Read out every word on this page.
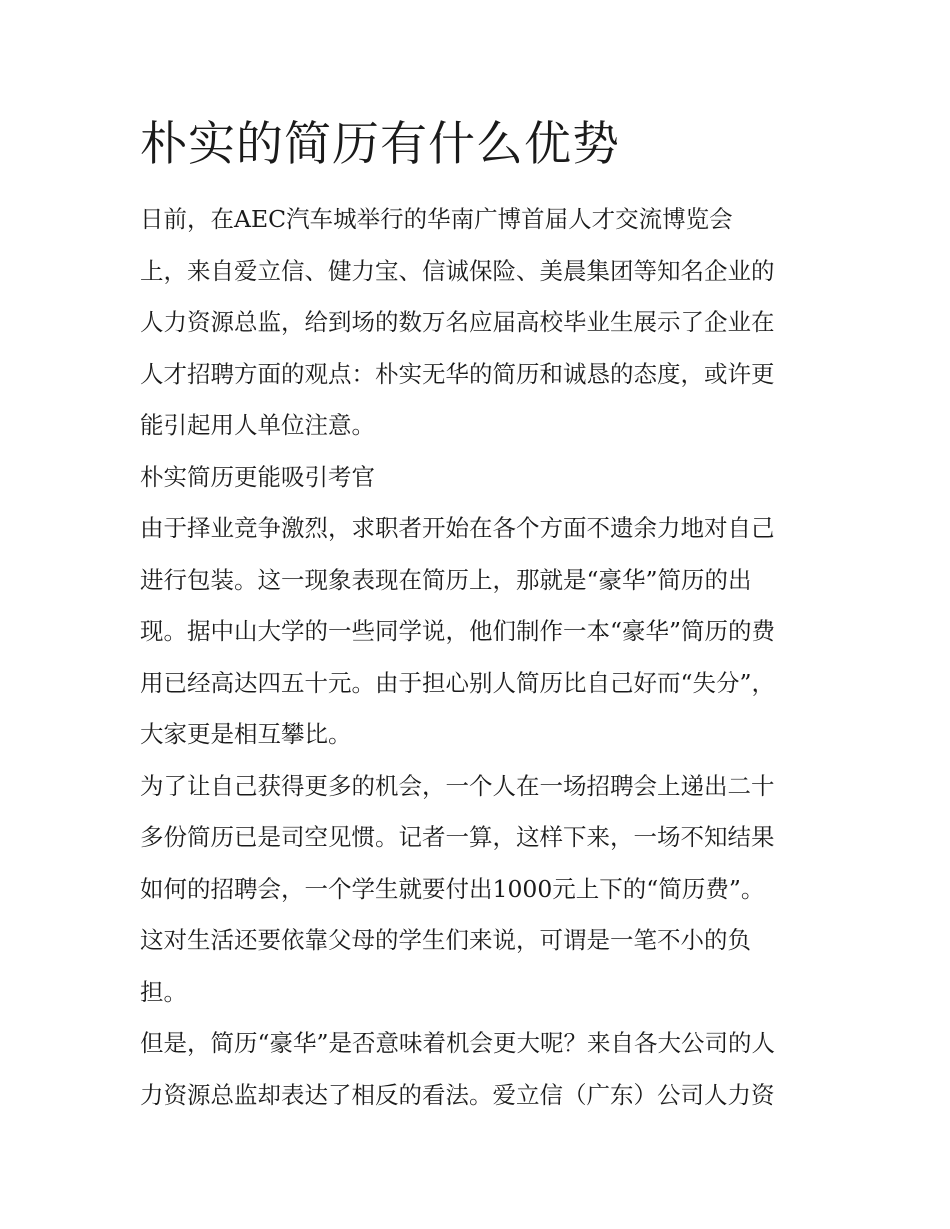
朴实的简历有什么优势

日前，在AEC汽车城举行的华南广博首届人才交流博览会
上，来自爱立信、健力宝、信诚保险、美晨集团等知名企业的
人力资源总监，给到场的数万名应届高校毕业生展示了企业在
人才招聘方面的观点：朴实无华的简历和诚恳的态度，或许更
能引起用人单位注意。

朴实简历更能吸引考官

由于择业竞争激烈，求职者开始在各个方面不遗余力地对自己
进行包装。这一现象表现在简历上，那就是“豪华”简历的出
现。据中山大学的一些同学说，他们制作一本“豪华”简历的费
用已经高达四五十元。由于担心别人简历比自己好而“失分”，
大家更是相互攀比。

为了让自己获得更多的机会，一个人在一场招聘会上递出二十
多份简历已是司空见惯。记者一算，这样下来，一场不知结果
如何的招聘会，一个学生就要付出1000元上下的“简历费”。
这对生活还要依靠父母的学生们来说，可谓是一笔不小的负
担。

但是，简历“豪华”是否意味着机会更大呢？来自各大公司的人
力资源总监却表达了相反的看法。爱立信（广东）公司人力资
